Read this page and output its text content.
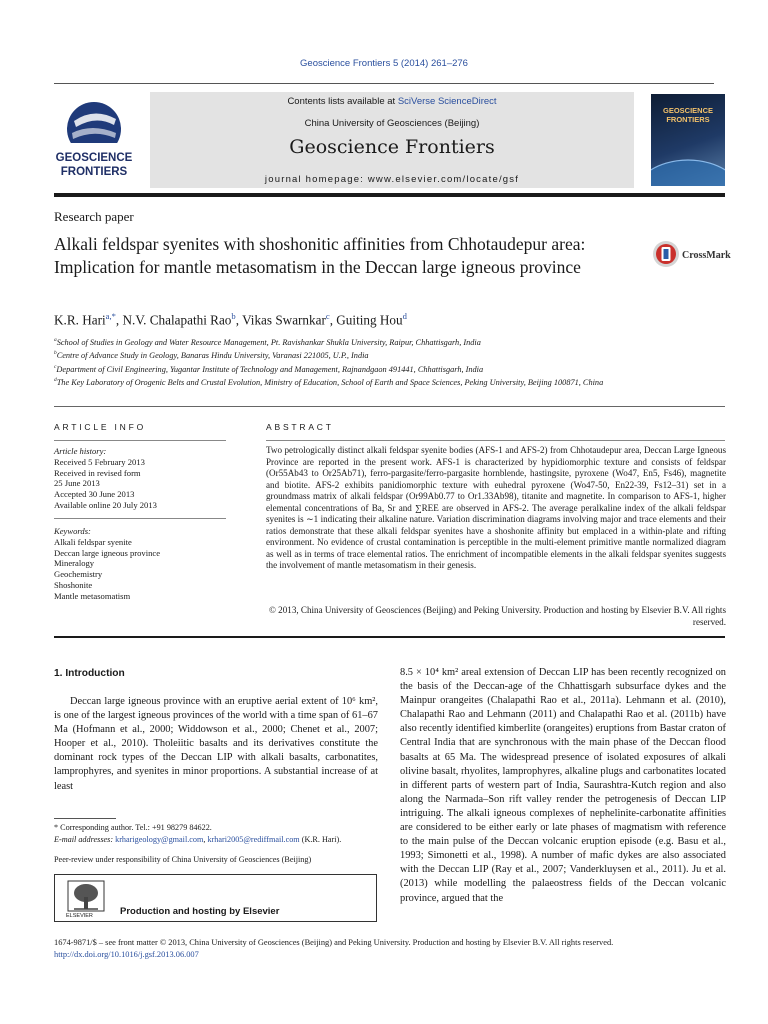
Geoscience Frontiers 5 (2014) 261–276
GEOSCIENCE
FRONTIERS
Contents lists available at SciVerse ScienceDirect
China University of Geosciences (Beijing)
Geoscience Frontiers
journal homepage: www.elsevier.com/locate/gsf
GEOSCIENCE
FRONTIERS
Research paper
Alkali feldspar syenites with shoshonitic affinities from Chhotaudepur area: Implication for mantle metasomatism in the Deccan large igneous province
CrossMark
K.R. Hari$^{a,*}$, N.V. Chalapathi Rao$^b$, Vikas Swarnkar$^c$, Guiting Hou$^d$
$^a$School of Studies in Geology and Water Resource Management, Pt. Ravishankar Shukla University, Raipur, Chhattisgarh, India
$^b$Centre of Advance Study in Geology, Banaras Hindu University, Varanasi 221005, U.P., India
$^c$Department of Civil Engineering, Yugantar Institute of Technology and Management, Rajnandgaon 491441, Chhattisgarh, India
$^d$The Key Laboratory of Orogenic Belts and Crustal Evolution, Ministry of Education, School of Earth and Space Sciences, Peking University, Beijing 100871, China
ARTICLE INFO
Article history:
Received 5 February 2013
Received in revised form
25 June 2013
Accepted 30 June 2013
Available online 20 July 2013
Keywords:
Alkali feldspar syenite
Deccan large igneous province
Mineralogy
Geochemistry
Shoshonite
Mantle metasomatism
ABSTRACT
Two petrologically distinct alkali feldspar syenite bodies (AFS-1 and AFS-2) from Chhotaudepur area, Deccan Large Igneous Province are reported in the present work. AFS-1 is characterized by hypidiomorphic texture and consists of feldspar (Or55Ab43 to Or25Ab71), ferro-pargasite/ferro-pargasite hornblende, hastingsite, pyroxene (Wo47, En5, Fs46), magnetite and biotite. AFS-2 exhibits panidiomorphic texture with euhedral pyroxene (Wo47-50, En22-39, Fs12–31) set in a groundmass matrix of alkali feldspar (Or99Ab0.77 to Or1.33Ab98), titanite and magnetite. In comparison to AFS-1, higher elemental concentrations of Ba, Sr and ∑REE are observed in AFS-2. The average peralkaline index of the alkali feldspar syenites is ∼1 indicating their alkaline nature. Variation discrimination diagrams involving major and trace elements and their ratios demonstrate that these alkali feldspar syenites have a shoshonite affinity but emplaced in a within-plate and rifting environment. No evidence of crustal contamination is perceptible in the multi-element primitive mantle normalized diagram as well as in terms of trace elemental ratios. The enrichment of incompatible elements in the alkali feldspar syenites suggests the involvement of mantle metasomatism in their genesis.
© 2013, China University of Geosciences (Beijing) and Peking University. Production and hosting by Elsevier B.V. All rights reserved.
1. Introduction
Deccan large igneous province with an eruptive aerial extent of 10⁶ km², is one of the largest igneous provinces of the world with a time span of 61–67 Ma (Hofmann et al., 2000; Widdowson et al., 2000; Chenet et al., 2007; Hooper et al., 2010). Tholeiitic basalts and its derivatives constitute the dominant rock types of the Deccan LIP with alkali basalts, carbonatites, lamprophyres, and syenites in minor proportions. A substantial increase of at least
8.5 × 10⁴ km² areal extension of Deccan LIP has been recently recognized on the basis of the Deccan-age of the Chhattisgarh subsurface dykes and the Mainpur orangeites (Chalapathi Rao et al., 2011a). Lehmann et al. (2010), Chalapathi Rao and Lehmann (2011) and Chalapathi Rao et al. (2011b) have also recently identified kimberlite (orangeites) eruptions from Bastar craton of Central India that are synchronous with the main phase of the Deccan flood basalts at 65 Ma. The widespread presence of isolated exposures of alkali olivine basalt, rhyolites, lamprophyres, alkaline plugs and carbonatites located in different parts of western part of India, Saurashtra-Kutch region and also along the Narmada–Son rift valley render the petrogenesis of Deccan LIP intriguing. The alkali igneous complexes of nephelinite-carbonatite affinities are considered to be either early or late phases of magmatism with reference to the main pulse of the Deccan volcanic eruption episode (e.g. Basu et al., 1993; Simonetti et al., 1998). A number of mafic dykes are also associated with the Deccan LIP (Ray et al., 2007; Vanderkluysen et al., 2011). Ju et al. (2013) while modelling the palaeostress fields of the Deccan volcanic province, argued that the
* Corresponding author. Tel.: +91 98279 84622.
E-mail addresses: krharigeology@gmail.com, krhari2005@rediffmail.com (K.R. Hari).
Peer-review under responsibility of China University of Geosciences (Beijing)
ELSEVIER	Production and hosting by Elsevier
1674-9871/$ – see front matter © 2013, China University of Geosciences (Beijing) and Peking University. Production and hosting by Elsevier B.V. All rights reserved.
http://dx.doi.org/10.1016/j.gsf.2013.06.007
